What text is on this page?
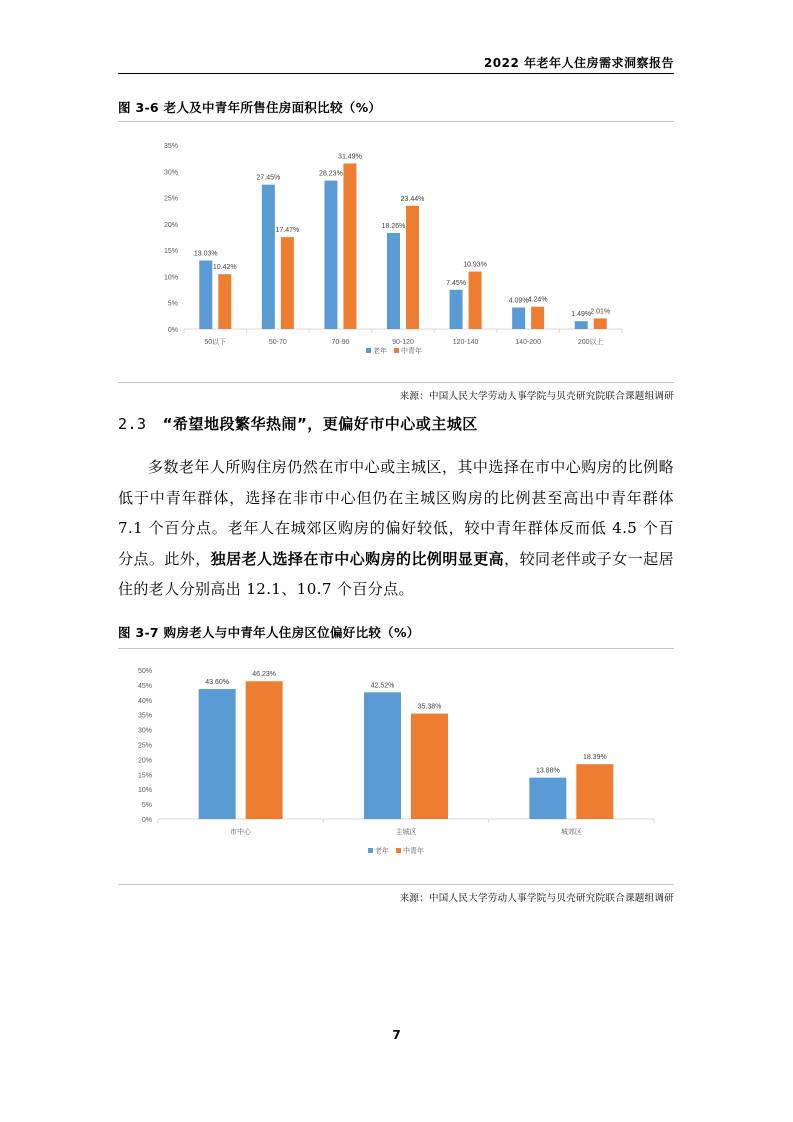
2022 年老年人住房需求洞察报告
图 3-6 老人及中青年所售住房面积比较（%）
0%
5%
10%
15%
20%
25%
30%
35%
13.03%
10.42%
50以下
27.45%
17.47%
50-70
28.23%
31.49%
70-90
18.26%
23.44%
90-120
7.45%
10.93%
120-140
4.09% 4.24%
140-200
1.49% 2.01%
200以上
老年 中青年
来源：中国人民大学劳动人事学院与贝壳研究院联合课题组调研
2.3 “希望地段繁华热闹”，更偏好市中心或主城区

多数老年人所购住房仍然在市中心或主城区，其中选择在市中心购房的比例略低于中青年群体，选择在非市中心但仍在主城区购房的比例甚至高出中青年群体 7.1 个百分点。老年人在城郊区购房的偏好较低，较中青年群体反而低 4.5 个百分点。此外，独居老人选择在市中心购房的比例明显更高，较同老伴或子女一起居住的老人分别高出 12.1、10.7 个百分点。

图 3-7 购房老人与中青年人住房区位偏好比较（%）
0%
5%
10%
15%
20%
25%
30%
35%
40%
45%
50%
43.60%
46.23%
市中心
42.52%
35.38%
主城区
13.88%
18.39%
城郊区
老年 中青年
来源：中国人民大学劳动人事学院与贝壳研究院联合课题组调研
7
